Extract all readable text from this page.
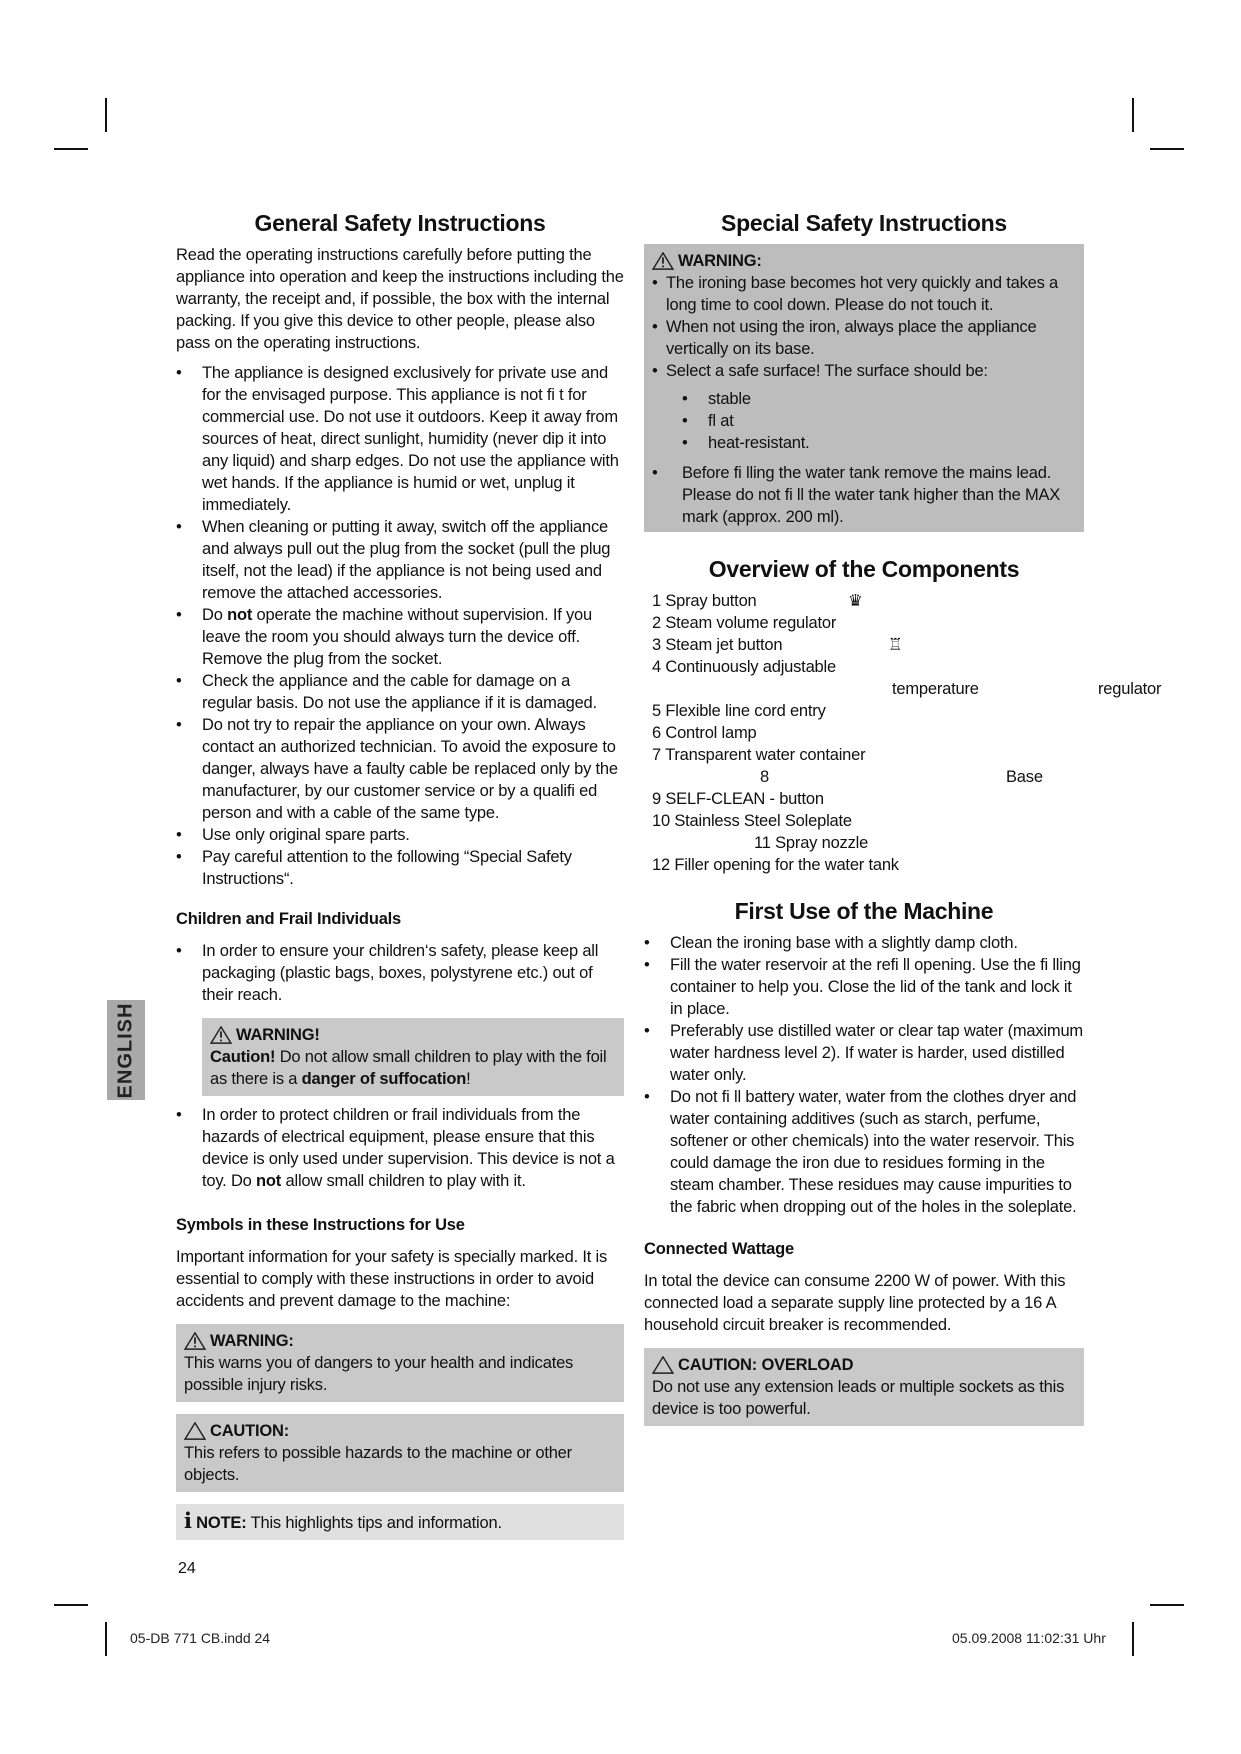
ENGLISH
General Safety Instructions

Read the operating instructions carefully before putting the appliance into operation and keep the instructions including the warranty, the receipt and, if possible, the box with the internal packing. If you give this device to other people, please also pass on the operating instructions.

• The appliance is designed exclusively for private use and for the envisaged purpose. This appliance is not fi t for commercial use. Do not use it outdoors. Keep it away from sources of heat, direct sunlight, humidity (never dip it into any liquid) and sharp edges. Do not use the appliance with wet hands. If the appliance is humid or wet, unplug it immediately.
• When cleaning or putting it away, switch off the appliance and always pull out the plug from the socket (pull the plug itself, not the lead) if the appliance is not being used and remove the attached accessories.
• Do not operate the machine without supervision. If you leave the room you should always turn the device off. Remove the plug from the socket.
• Check the appliance and the cable for damage on a regular basis. Do not use the appliance if it is damaged.
• Do not try to repair the appliance on your own. Always contact an authorized technician. To avoid the exposure to danger, always have a faulty cable be replaced only by the manufacturer, by our customer service or by a qualifi ed person and with a cable of the same type.
• Use only original spare parts.
• Pay careful attention to the following “Special Safety Instructions“.
Children and Frail Individuals
• In order to ensure your children‘s safety, please keep all packaging (plastic bags, boxes, polystyrene etc.) out of their reach.
WARNING!

Caution! Do not allow small children to play with the foil as there is a danger of suffocation!

• In order to protect children or frail individuals from the hazards of electrical equipment, please ensure that this device is only used under supervision. This device is not a toy. Do not allow small children to play with it.
Symbols in these Instructions for Use

Important information for your safety is specially marked. It is essential to comply with these instructions in order to avoid accidents and prevent damage to the machine:

WARNING:

This warns you of dangers to your health and indicates possible injury risks.

CAUTION:

This refers to possible hazards to the machine or other objects.

i NOTE: This highlights tips and information.
24
Special Safety Instructions
WARNING:
• The ironing base becomes hot very quickly and takes a long time to cool down. Please do not touch it.
• When not using the iron, always place the appliance vertically on its base.
• Select a safe surface! The surface should be:
• stable
• fl at
• heat-resistant.
• Before fi lling the water tank remove the mains lead. Please do not fi ll the water tank higher than the MAX mark (approx. 200 ml).
Overview of the Components
1 Spray button	♛
2 Steam volume regulator
3 Steam jet button	♖
4 Continuously adjustable
temperature	regulator
5 Flexible line cord entry
6 Control lamp
7 Transparent water container
8	Base
9 SELF-CLEAN - button
10 Stainless Steel Soleplate
11 Spray nozzle
12 Filler opening for the water tank
First Use of the Machine
• Clean the ironing base with a slightly damp cloth.
• Fill the water reservoir at the refi ll opening. Use the fi lling container to help you. Close the lid of the tank and lock it in place.
• Preferably use distilled water or clear tap water (maximum water hardness level 2). If water is harder, used distilled water only.
• Do not fi ll battery water, water from the clothes dryer and water containing additives (such as starch, perfume, softener or other chemicals) into the water reservoir. This could damage the iron due to residues forming in the steam chamber. These residues may cause impurities to the fabric when dropping out of the holes in the soleplate.
Connected Wattage

In total the device can consume 2200 W of power. With this connected load a separate supply line protected by a 16 A household circuit breaker is recommended.

CAUTION: OVERLOAD

Do not use any extension leads or multiple sockets as this device is too powerful.

05-DB 771 CB.indd 24	05.09.2008 11:02:31 Uhr
